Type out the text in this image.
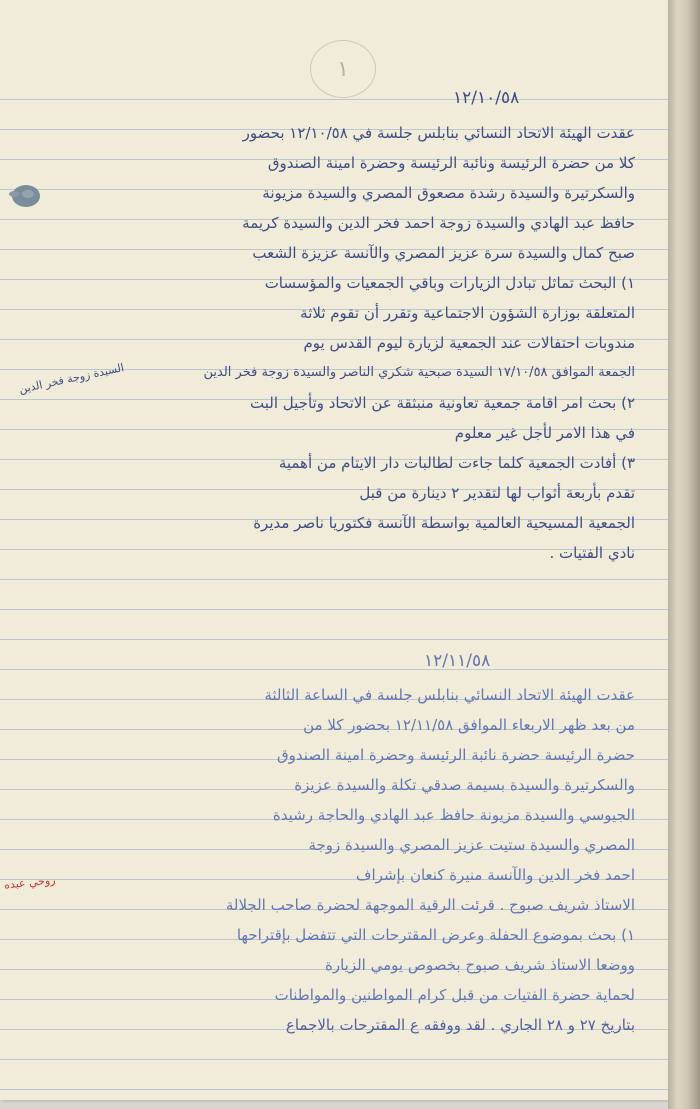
١
١٢/١٠/٥٨
عقدت الهيئة الاتحاد النسائي بنابلس جلسة في ١٢/١٠/٥٨ بحضور
كلا من حضرة الرئيسة ونائبة الرئيسة وحضرة امينة الصندوق
والسكرتيرة والسيدة رشدة مصعوق المصري والسيدة مزيونة
حافظ عبد الهادي والسيدة زوجة احمد فخر الدين والسيدة كريمة
صبح كمال والسيدة سرة عزيز المصري والآنسة عزيزة الشعب
١) البحث تماثل تبادل الزيارات وباقي الجمعيات والمؤسسات
المتعلقة بوزارة الشؤون الاجتماعية وتقرر أن تقوم ثلاثة
مندوبات احتفالات عند الجمعية لزيارة ليوم القدس يوم
الجمعة الموافق ١٧/١٠/٥٨ السيدة صبحية شكري الناصر والسيدة زوجة فخر الدين
٢) بحث امر اقامة جمعية تعاونية منبثقة عن الاتحاد وتأجيل البت
في هذا الامر لأجل غير معلوم
٣) أفادت الجمعية كلما جاءت لطالبات دار الايتام من أهمية
تقدم بأربعة أثواب لها لتقدير ٢ دينارة من قبل
الجمعية المسيحية العالمية بواسطة الآنسة فكتوريا ناصر مديرة
نادي الفتيات .
السيدة زوجة فخر الدين
١٢/١١/٥٨
عقدت الهيئة الاتحاد النسائي بنابلس جلسة في الساعة الثالثة
من بعد ظهر الاربعاء الموافق ١٢/١١/٥٨ بحضور كلا من
حضرة الرئيسة حضرة نائبة الرئيسة وحضرة امينة الصندوق
والسكرتيرة والسيدة بسيمة صدقي تكلة والسيدة عزيزة
الجيوسي والسيدة مزيونة حافظ عبد الهادي والحاجة رشيدة
المصري والسيدة ستيت عزيز المصري والسيدة زوجة
احمد فخر الدين والآنسة منيرة كنعان بإشراف
الاستاذ شريف صبوح . قرئت الرقية الموجهة لحضرة صاحب الجلالة
١) بحث بموضوع الحفلة وعرض المقترحات التي تتفضل بإقتراحها
ووضعا الاستاذ شريف صبوح بخصوص يومي الزيارة
لحماية حضرة الفتيات من قبل كرام المواطنين والمواطنات
بتاريخ ٢٧ و ٢٨ الجاري . لقد ووفقه ع المقترحات بالاجماع
روحي عبده
